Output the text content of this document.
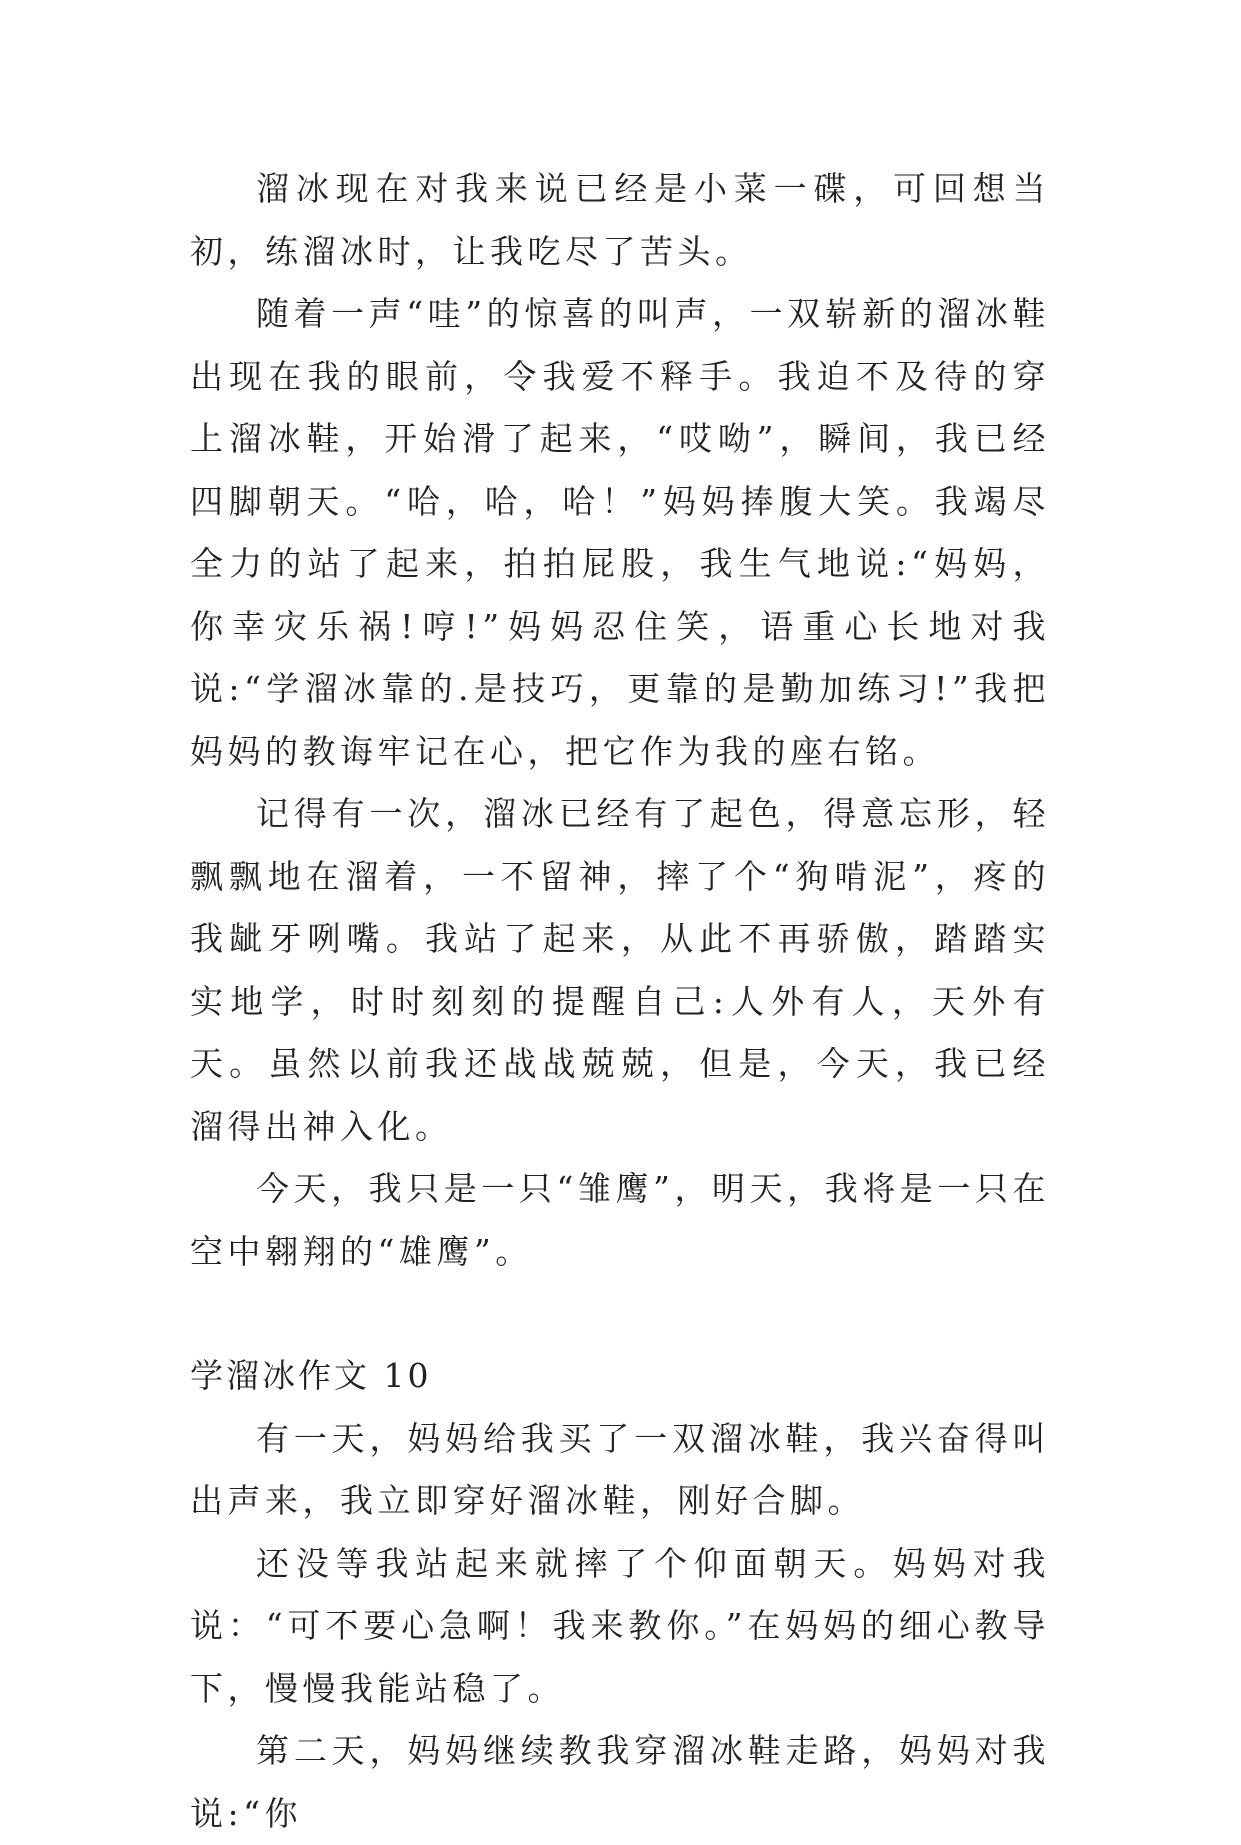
溜冰现在对我来说已经是小菜一碟，可回想当初，练溜冰时，让我吃尽了苦头。

随着一声“哇”的惊喜的叫声，一双崭新的溜冰鞋出现在我的眼前，令我爱不释手。我迫不及待的穿上溜冰鞋，开始滑了起来，“哎呦”，瞬间，我已经四脚朝天。“哈，哈，哈！”妈妈捧腹大笑。我竭尽全力的站了起来，拍拍屁股，我生气地说:“妈妈，你幸灾乐祸!哼!”妈妈忍住笑，语重心长地对我说:“学溜冰靠的.是技巧，更靠的是勤加练习!”我把妈妈的教诲牢记在心，把它作为我的座右铭。

记得有一次，溜冰已经有了起色，得意忘形，轻飘飘地在溜着，一不留神，摔了个“狗啃泥”，疼的我龇牙咧嘴。我站了起来，从此不再骄傲，踏踏实实地学，时时刻刻的提醒自己:人外有人，天外有天。虽然以前我还战战兢兢，但是，今天，我已经溜得出神入化。

今天，我只是一只“雏鹰”，明天，我将是一只在空中翱翔的“雄鹰”。

学溜冰作文 10

有一天，妈妈给我买了一双溜冰鞋，我兴奋得叫出声来，我立即穿好溜冰鞋，刚好合脚。

还没等我站起来就摔了个仰面朝天。妈妈对我说：“可不要心急啊！我来教你。”在妈妈的细心教导下，慢慢我能站稳了。

第二天，妈妈继续教我穿溜冰鞋走路，妈妈对我说:“你
